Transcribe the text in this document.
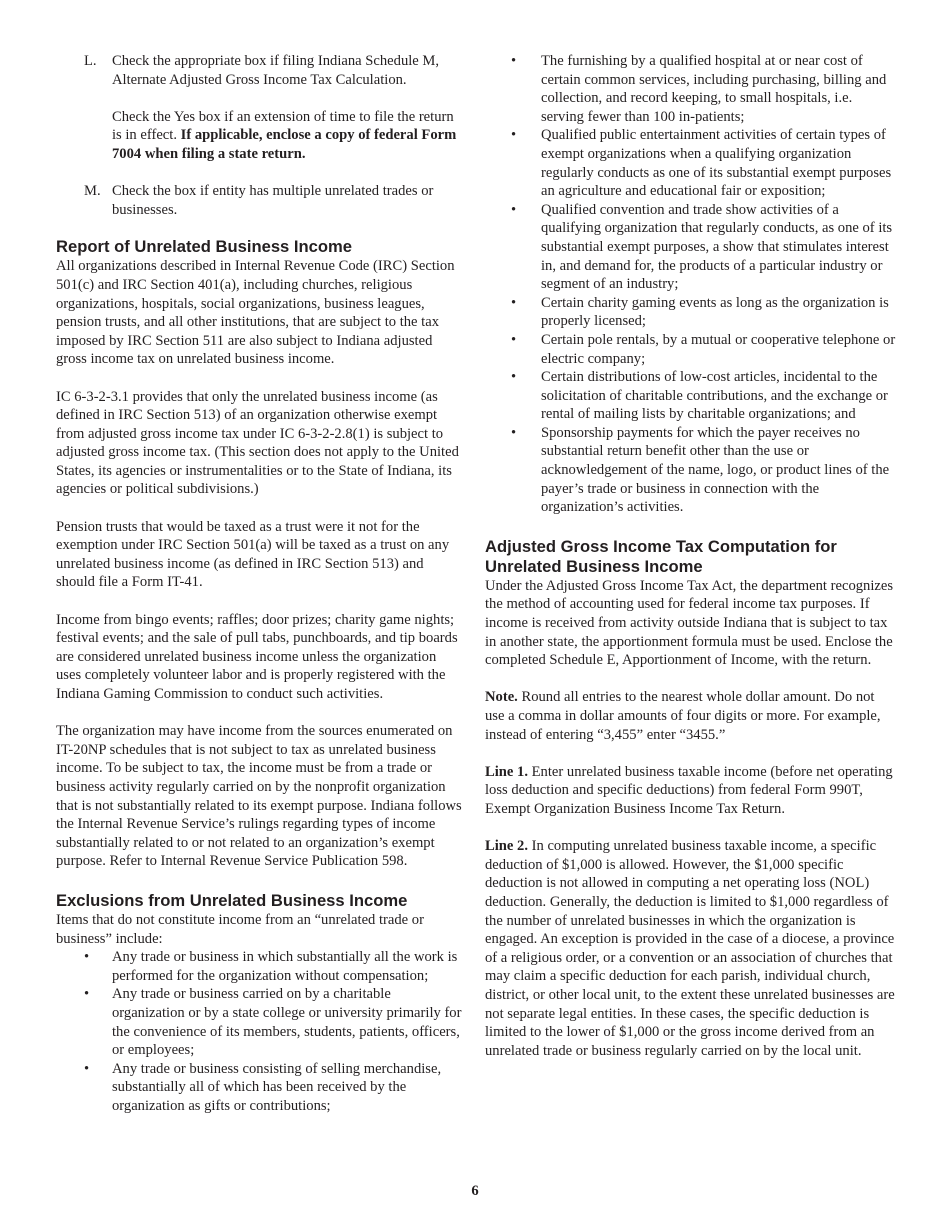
L. Check the appropriate box if filing Indiana Schedule M, Alternate Adjusted Gross Income Tax Calculation.

Check the Yes box if an extension of time to file the return is in effect. If applicable, enclose a copy of federal Form 7004 when filing a state return.
M. Check the box if entity has multiple unrelated trades or businesses.

Report of Unrelated Business Income

All organizations described in Internal Revenue Code (IRC) Section 501(c) and IRC Section 401(a), including churches, religious organizations, hospitals, social organizations, business leagues, pension trusts, and all other institutions, that are subject to the tax imposed by IRC Section 511 are also subject to Indiana adjusted gross income tax on unrelated business income.

IC 6-3-2-3.1 provides that only the unrelated business income (as defined in IRC Section 513) of an organization otherwise exempt from adjusted gross income tax under IC 6-3-2-2.8(1) is subject to adjusted gross income tax. (This section does not apply to the United States, its agencies or instrumentalities or to the State of Indiana, its agencies or political subdivisions.)

Pension trusts that would be taxed as a trust were it not for the exemption under IRC Section 501(a) will be taxed as a trust on any unrelated business income (as defined in IRC Section 513) and should file a Form IT-41.

Income from bingo events; raffles; door prizes; charity game nights; festival events; and the sale of pull tabs, punchboards, and tip boards are considered unrelated business income unless the organization uses completely volunteer labor and is properly registered with the Indiana Gaming Commission to conduct such activities.

The organization may have income from the sources enumerated on IT-20NP schedules that is not subject to tax as unrelated business income. To be subject to tax, the income must be from a trade or business activity regularly carried on by the nonprofit organization that is not substantially related to its exempt purpose. Indiana follows the Internal Revenue Service’s rulings regarding types of income substantially related to or not related to an organization’s exempt purpose. Refer to Internal Revenue Service Publication 598.

Exclusions from Unrelated Business Income

Items that do not constitute income from an “unrelated trade or business” include:

• Any trade or business in which substantially all the work is performed for the organization without compensation;
• Any trade or business carried on by a charitable organization or by a state college or university primarily for the convenience of its members, students, patients, officers, or employees;
• Any trade or business consisting of selling merchandise, substantially all of which has been received by the organization as gifts or contributions;
• The furnishing by a qualified hospital at or near cost of certain common services, including purchasing, billing and collection, and record keeping, to small hospitals, i.e. serving fewer than 100 in-patients;
• Qualified public entertainment activities of certain types of exempt organizations when a qualifying organization regularly conducts as one of its substantial exempt purposes an agriculture and educational fair or exposition;
• Qualified convention and trade show activities of a qualifying organization that regularly conducts, as one of its substantial exempt purposes, a show that stimulates interest in, and demand for, the products of a particular industry or segment of an industry;
• Certain charity gaming events as long as the organization is properly licensed;
• Certain pole rentals, by a mutual or cooperative telephone or electric company;
• Certain distributions of low-cost articles, incidental to the solicitation of charitable contributions, and the exchange or rental of mailing lists by charitable organizations; and
• Sponsorship payments for which the payer receives no substantial return benefit other than the use or acknowledgement of the name, logo, or product lines of the payer’s trade or business in connection with the organization’s activities.
Adjusted Gross Income Tax Computation for Unrelated Business Income

Under the Adjusted Gross Income Tax Act, the department recognizes the method of accounting used for federal income tax purposes. If income is received from activity outside Indiana that is subject to tax in another state, the apportionment formula must be used. Enclose the completed Schedule E, Apportionment of Income, with the return.

Note. Round all entries to the nearest whole dollar amount. Do not use a comma in dollar amounts of four digits or more. For example, instead of entering “3,455” enter “3455.”

Line 1. Enter unrelated business taxable income (before net operating loss deduction and specific deductions) from federal Form 990T, Exempt Organization Business Income Tax Return.

Line 2. In computing unrelated business taxable income, a specific deduction of $1,000 is allowed. However, the $1,000 specific deduction is not allowed in computing a net operating loss (NOL) deduction. Generally, the deduction is limited to $1,000 regardless of the number of unrelated businesses in which the organization is engaged. An exception is provided in the case of a diocese, a province of a religious order, or a convention or an association of churches that may claim a specific deduction for each parish, individual church, district, or other local unit, to the extent these unrelated businesses are not separate legal entities. In these cases, the specific deduction is limited to the lower of $1,000 or the gross income derived from an unrelated trade or business regularly carried on by the local unit.

6
